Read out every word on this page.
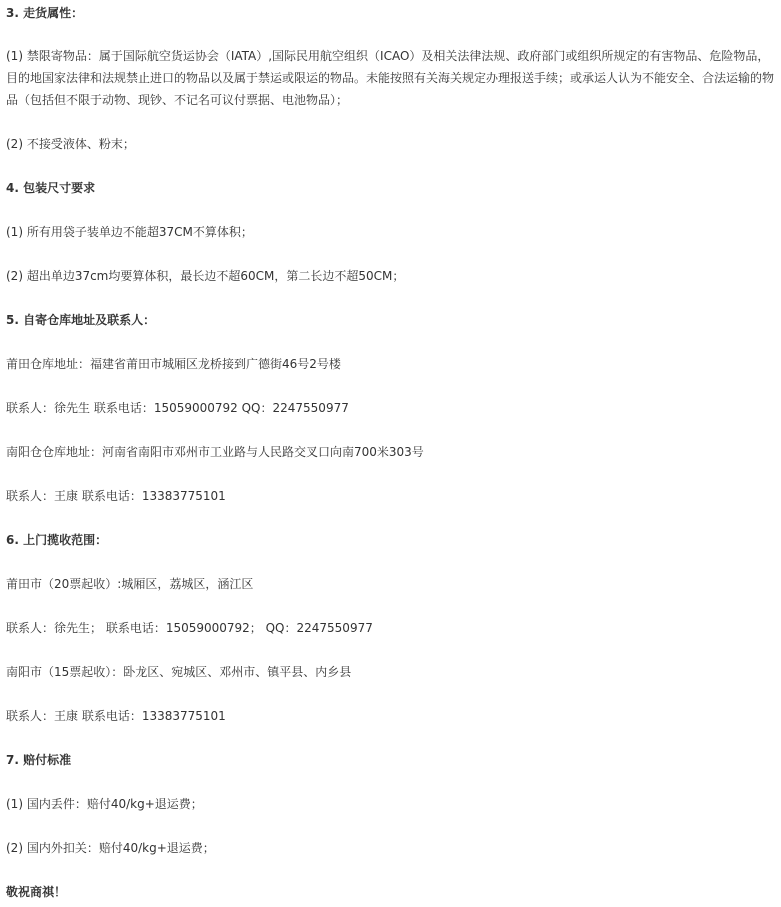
3. 走货属性：
(1) 禁限寄物品：属于国际航空货运协会（IATA）,国际民用航空组织（ICAO）及相关法律法规、政府部门或组织所规定的有害物品、危险物品，目的地国家法律和法规禁止进口的物品以及属于禁运或限运的物品。未能按照有关海关规定办理报送手续；或承运人认为不能安全、合法运输的物品（包括但不限于动物、现钞、不记名可议付票据、电池物品）；
(2) 不接受液体、粉末；
4. 包装尺寸要求
(1) 所有用袋子装单边不能超37CM不算体积；
(2) 超出单边37cm均要算体积，最长边不超60CM，第二长边不超50CM；
5. 自寄仓库地址及联系人：
莆田仓库地址：福建省莆田市城厢区龙桥接到广德街46号2号楼
联系人：徐先生 联系电话：15059000792 QQ：2247550977
南阳仓仓库地址：河南省南阳市邓州市工业路与人民路交叉口向南700米303号
联系人：王康 联系电话：13383775101
6. 上门揽收范围：
莆田市（20票起收）:城厢区，荔城区，涵江区
联系人：徐先生； 联系电话：15059000792； QQ：2247550977
南阳市（15票起收）：卧龙区、宛城区、邓州市、镇平县、内乡县
联系人：王康 联系电话：13383775101
7. 赔付标准
(1) 国内丢件：赔付40/kg+退运费；
(2) 国内外扣关：赔付40/kg+退运费；
敬祝商祺！
